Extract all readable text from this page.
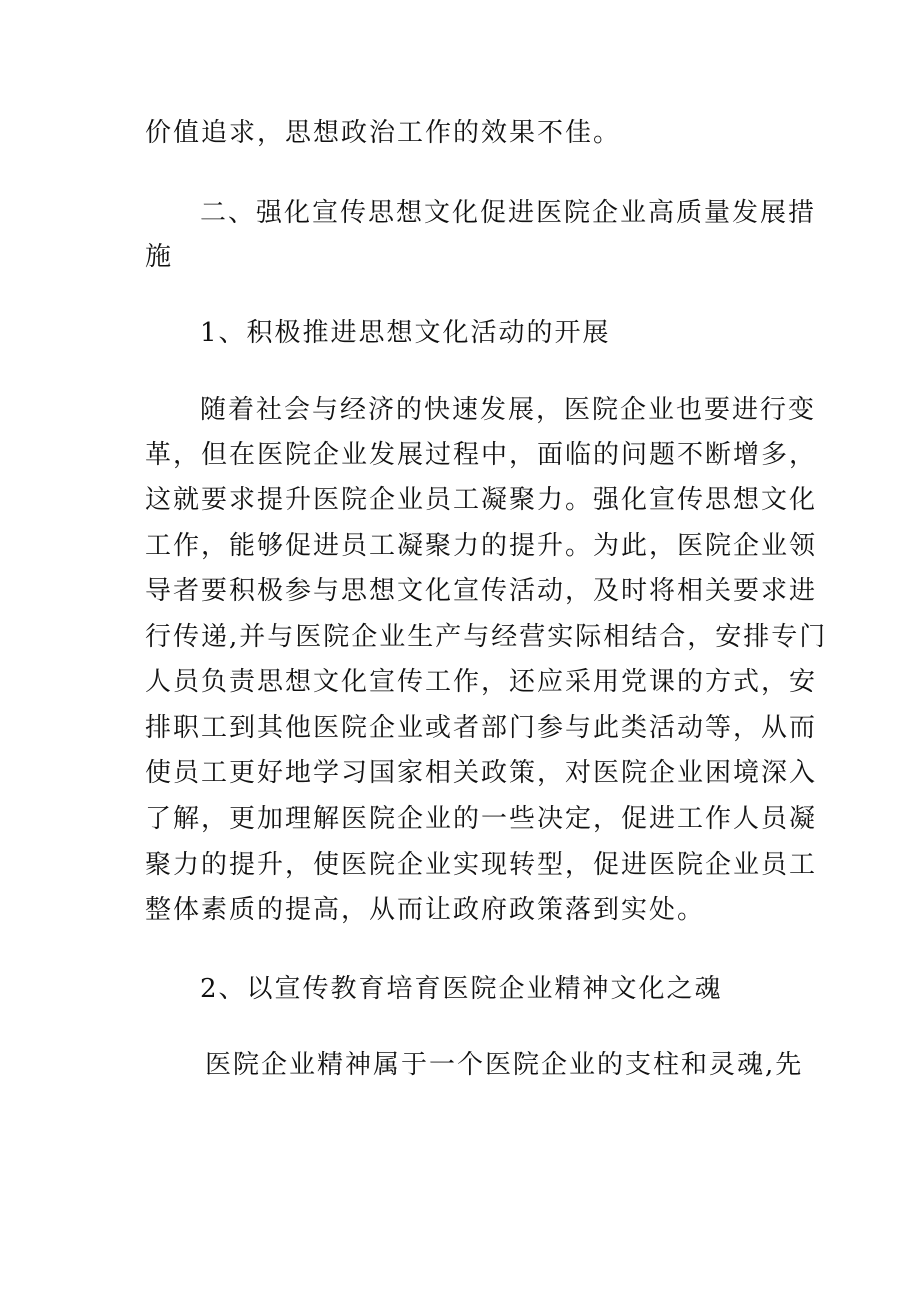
价值追求，思想政治工作的效果不佳。
二、强化宣传思想文化促进医院企业高质量发展措
施
1、积极推进思想文化活动的开展
随着社会与经济的快速发展，医院企业也要进行变
革，但在医院企业发展过程中，面临的问题不断增多，
这就要求提升医院企业员工凝聚力。强化宣传思想文化
工作，能够促进员工凝聚力的提升。为此，医院企业领
导者要积极参与思想文化宣传活动，及时将相关要求进
行传递,并与医院企业生产与经营实际相结合，安排专门
人员负责思想文化宣传工作，还应采用党课的方式，安
排职工到其他医院企业或者部门参与此类活动等，从而
使员工更好地学习国家相关政策，对医院企业困境深入
了解，更加理解医院企业的一些决定，促进工作人员凝
聚力的提升，使医院企业实现转型，促进医院企业员工
整体素质的提高，从而让政府政策落到实处。
2、以宣传教育培育医院企业精神文化之魂
医院企业精神属于一个医院企业的支柱和灵魂,先
